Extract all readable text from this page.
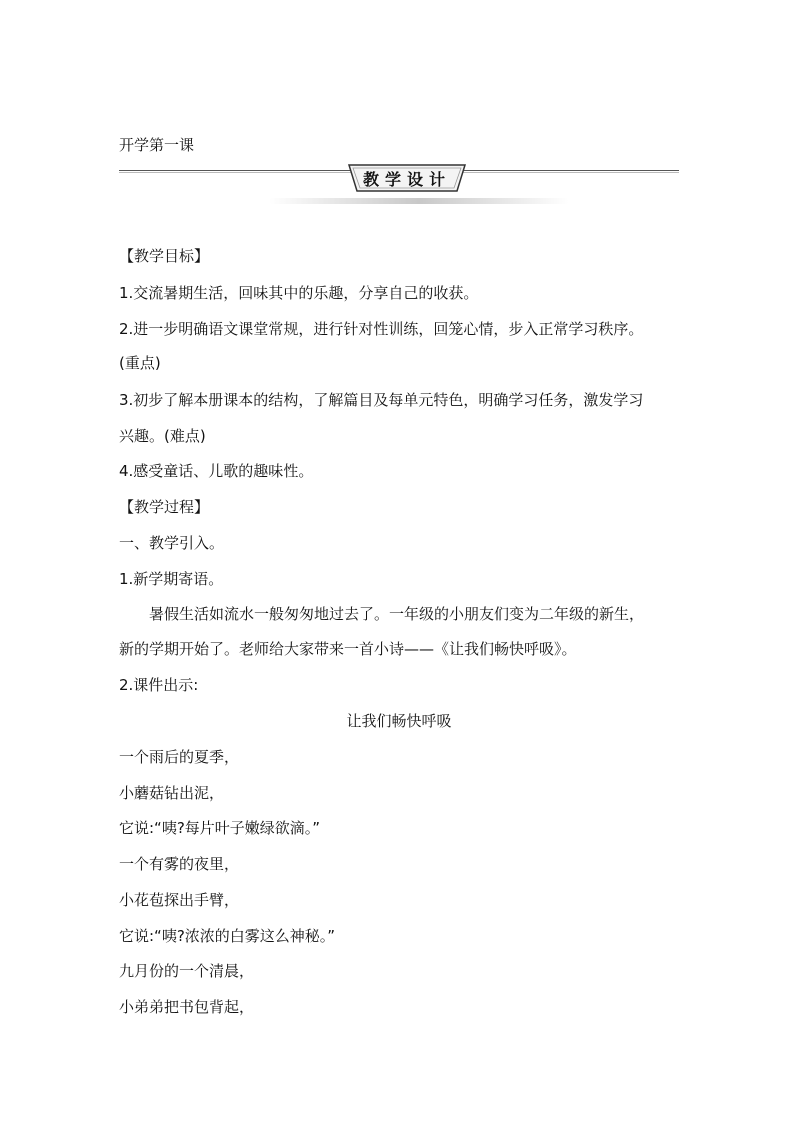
开学第一课
教学设计
【教学目标】
1.交流暑期生活，回味其中的乐趣，分享自己的收获。
2.进一步明确语文课堂常规，进行针对性训练，回笼心情，步入正常学习秩序。
(重点)
3.初步了解本册课本的结构，了解篇目及每单元特色，明确学习任务，激发学习
兴趣。(难点)
4.感受童话、儿歌的趣味性。
【教学过程】
一、教学引入。
1.新学期寄语。
暑假生活如流水一般匆匆地过去了。一年级的小朋友们变为二年级的新生，
新的学期开始了。老师给大家带来一首小诗——《让我们畅快呼吸》。
2.课件出示:
让我们畅快呼吸
一个雨后的夏季，
小蘑菇钻出泥，
它说:“咦?每片叶子嫩绿欲滴。”
一个有雾的夜里，
小花苞探出手臂，
它说:“咦?浓浓的白雾这么神秘。”
九月份的一个清晨，
小弟弟把书包背起，
